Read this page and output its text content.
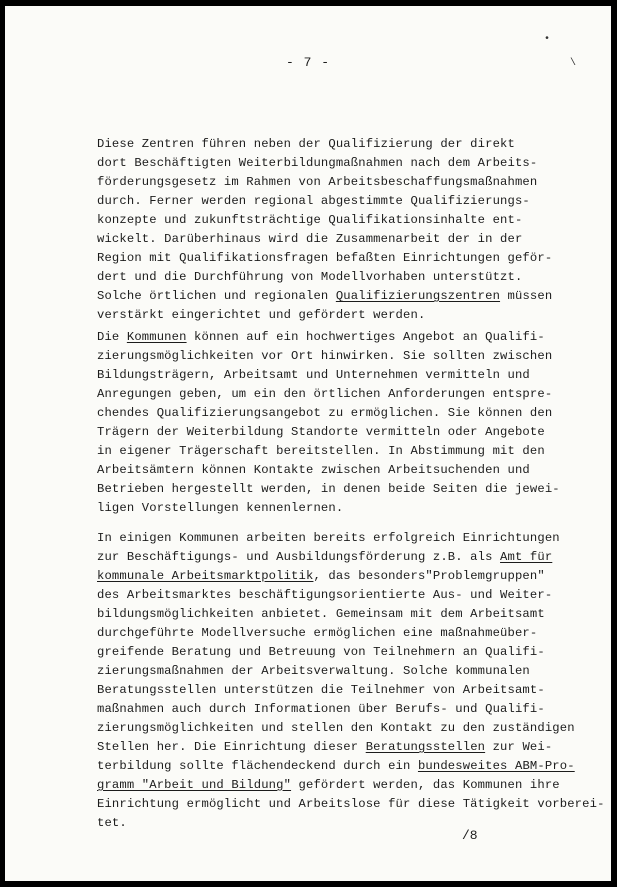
- 7 -
•
\
Diese Zentren führen neben der Qualifizierung der direkt
dort Beschäftigten Weiterbildungmaßnahmen nach dem Arbeits-
förderungsgesetz im Rahmen von Arbeitsbeschaffungsmaßnahmen
durch. Ferner werden regional abgestimmte Qualifizierungs-
konzepte und zukunftsträchtige Qualifikationsinhalte ent-
wickelt. Darüberhinaus wird die Zusammenarbeit der in der
Region mit Qualifikationsfragen befaßten Einrichtungen geför-
dert und die Durchführung von Modellvorhaben unterstützt.
Solche örtlichen und regionalen Qualifizierungszentren müssen
verstärkt eingerichtet und gefördert werden.
Die Kommunen können auf ein hochwertiges Angebot an Qualifi-
zierungsmöglichkeiten vor Ort hinwirken. Sie sollten zwischen
Bildungsträgern, Arbeitsamt und Unternehmen vermitteln und
Anregungen geben, um ein den örtlichen Anforderungen entspre-
chendes Qualifizierungsangebot zu ermöglichen. Sie können den
Trägern der Weiterbildung Standorte vermitteln oder Angebote
in eigener Trägerschaft bereitstellen. In Abstimmung mit den
Arbeitsämtern können Kontakte zwischen Arbeitsuchenden und
Betrieben hergestellt werden, in denen beide Seiten die jewei-
ligen Vorstellungen kennenlernen.
In einigen Kommunen arbeiten bereits erfolgreich Einrichtungen
zur Beschäftigungs- und Ausbildungsförderung z.B. als Amt für
kommunale Arbeitsmarktpolitik, das besonders"Problemgruppen"
des Arbeitsmarktes beschäftigungsorientierte Aus- und Weiter-
bildungsmöglichkeiten anbietet. Gemeinsam mit dem Arbeitsamt
durchgeführte Modellversuche ermöglichen eine maßnahmeüber-
greifende Beratung und Betreuung von Teilnehmern an Qualifi-
zierungsmaßnahmen der Arbeitsverwaltung. Solche kommunalen
Beratungsstellen unterstützen die Teilnehmer von Arbeitsamt-
maßnahmen auch durch Informationen über Berufs- und Qualifi-
zierungsmöglichkeiten und stellen den Kontakt zu den zuständigen
Stellen her. Die Einrichtung dieser Beratungsstellen zur Wei-
terbildung sollte flächendeckend durch ein bundesweites ABM-Pro-
gramm "Arbeit und Bildung" gefördert werden, das Kommunen ihre
Einrichtung ermöglicht und Arbeitslose für diese Tätigkeit vorberei-
tet.
/8
